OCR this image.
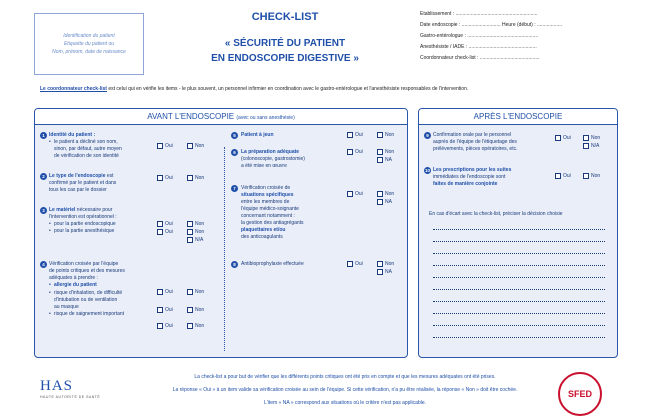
Identification du patient
Etiquette du patient ou
Nom, prénom, date de naissance
CHECK-LIST
« SÉCURITÉ DU PATIENT
EN ENDOSCOPIE DIGESTIVE »
Etablissement : ...........................................................
Date endoscopie : ............................ Heure (début) : ..................
Gastro-entérologue : ...................................................
Anesthésiste / IADE : .................................................
Coordonnateur check-list : ...........................................
Le coordonnateur check-list est celui qui en vérifie les items - le plus souvent, un personnel infirmier en coordination avec le gastro-entérologue et l'anesthésiste responsables de l'intervention.
AVANT L'ENDOSCOPIE (avec ou sans anesthésie)
1 Identité du patient :
• le patient a décliné son nom,
sinon, par défaut, autre moyen
de vérification de son identité
Oui	Non
2 Le type de l'endoscopie est
confirmé par le patient et dans
tous les cas par le dossier
Oui	Non
3 Le matériel nécessaire pour
l'intervention est opérationnel :
• pour la partie endoscopique
• pour la partie anesthésique
Oui	Non
Oui	Non
N/A
4 Vérification croisée par l'équipe
de points critiques et des mesures
adéquates à prendre :
• allergie du patient
• risque d'inhalation, de difficulté
d'intubation ou de ventilation
au masque
• risque de saignement important
Oui	Non
Oui	Non
Oui	Non
5	Patient à jeun	Oui	Non
6	La préparation adéquate
(colonoscopie, gastrostomie)
a été mise en œuvre
Oui	Non
NA
7	Vérification croisée de
situations spécifiques
entre les membres de
l'équipe médico-soignante
concernant notamment :
la gestion des antiagrégants
plaquettaires et/ou
des anticoagulants
Oui	Non
NA
8	Antibioprophylaxie effectuée	Oui	Non
NA
APRÈS L'ENDOSCOPIE
9 Confirmation orale par le personnel
auprès de l'équipe de l'étiquetage des
prélèvements, pièces opératoires, etc.
Oui	Non
N/A
10 Les prescriptions pour les suites
immédiates de l'endoscopie sont
faites de manière conjointe
Oui	Non
En cas d'écart avec la check-list, préciser la décision choisie
La check-list a pour but de vérifier que les différents points critiques ont été pris en compte et que les mesures adéquates ont été prises.
La réponse « Oui » à un item valide sa vérification croisée au sein de l'équipe. Si cette vérification, n'a pu être réalisée, la réponse « Non » doit être cochée.
L'item « NA » correspond aux situations où le critère n'est pas applicable.
HAS
HAUTE AUTORITÉ DE SANTÉ	SFED
